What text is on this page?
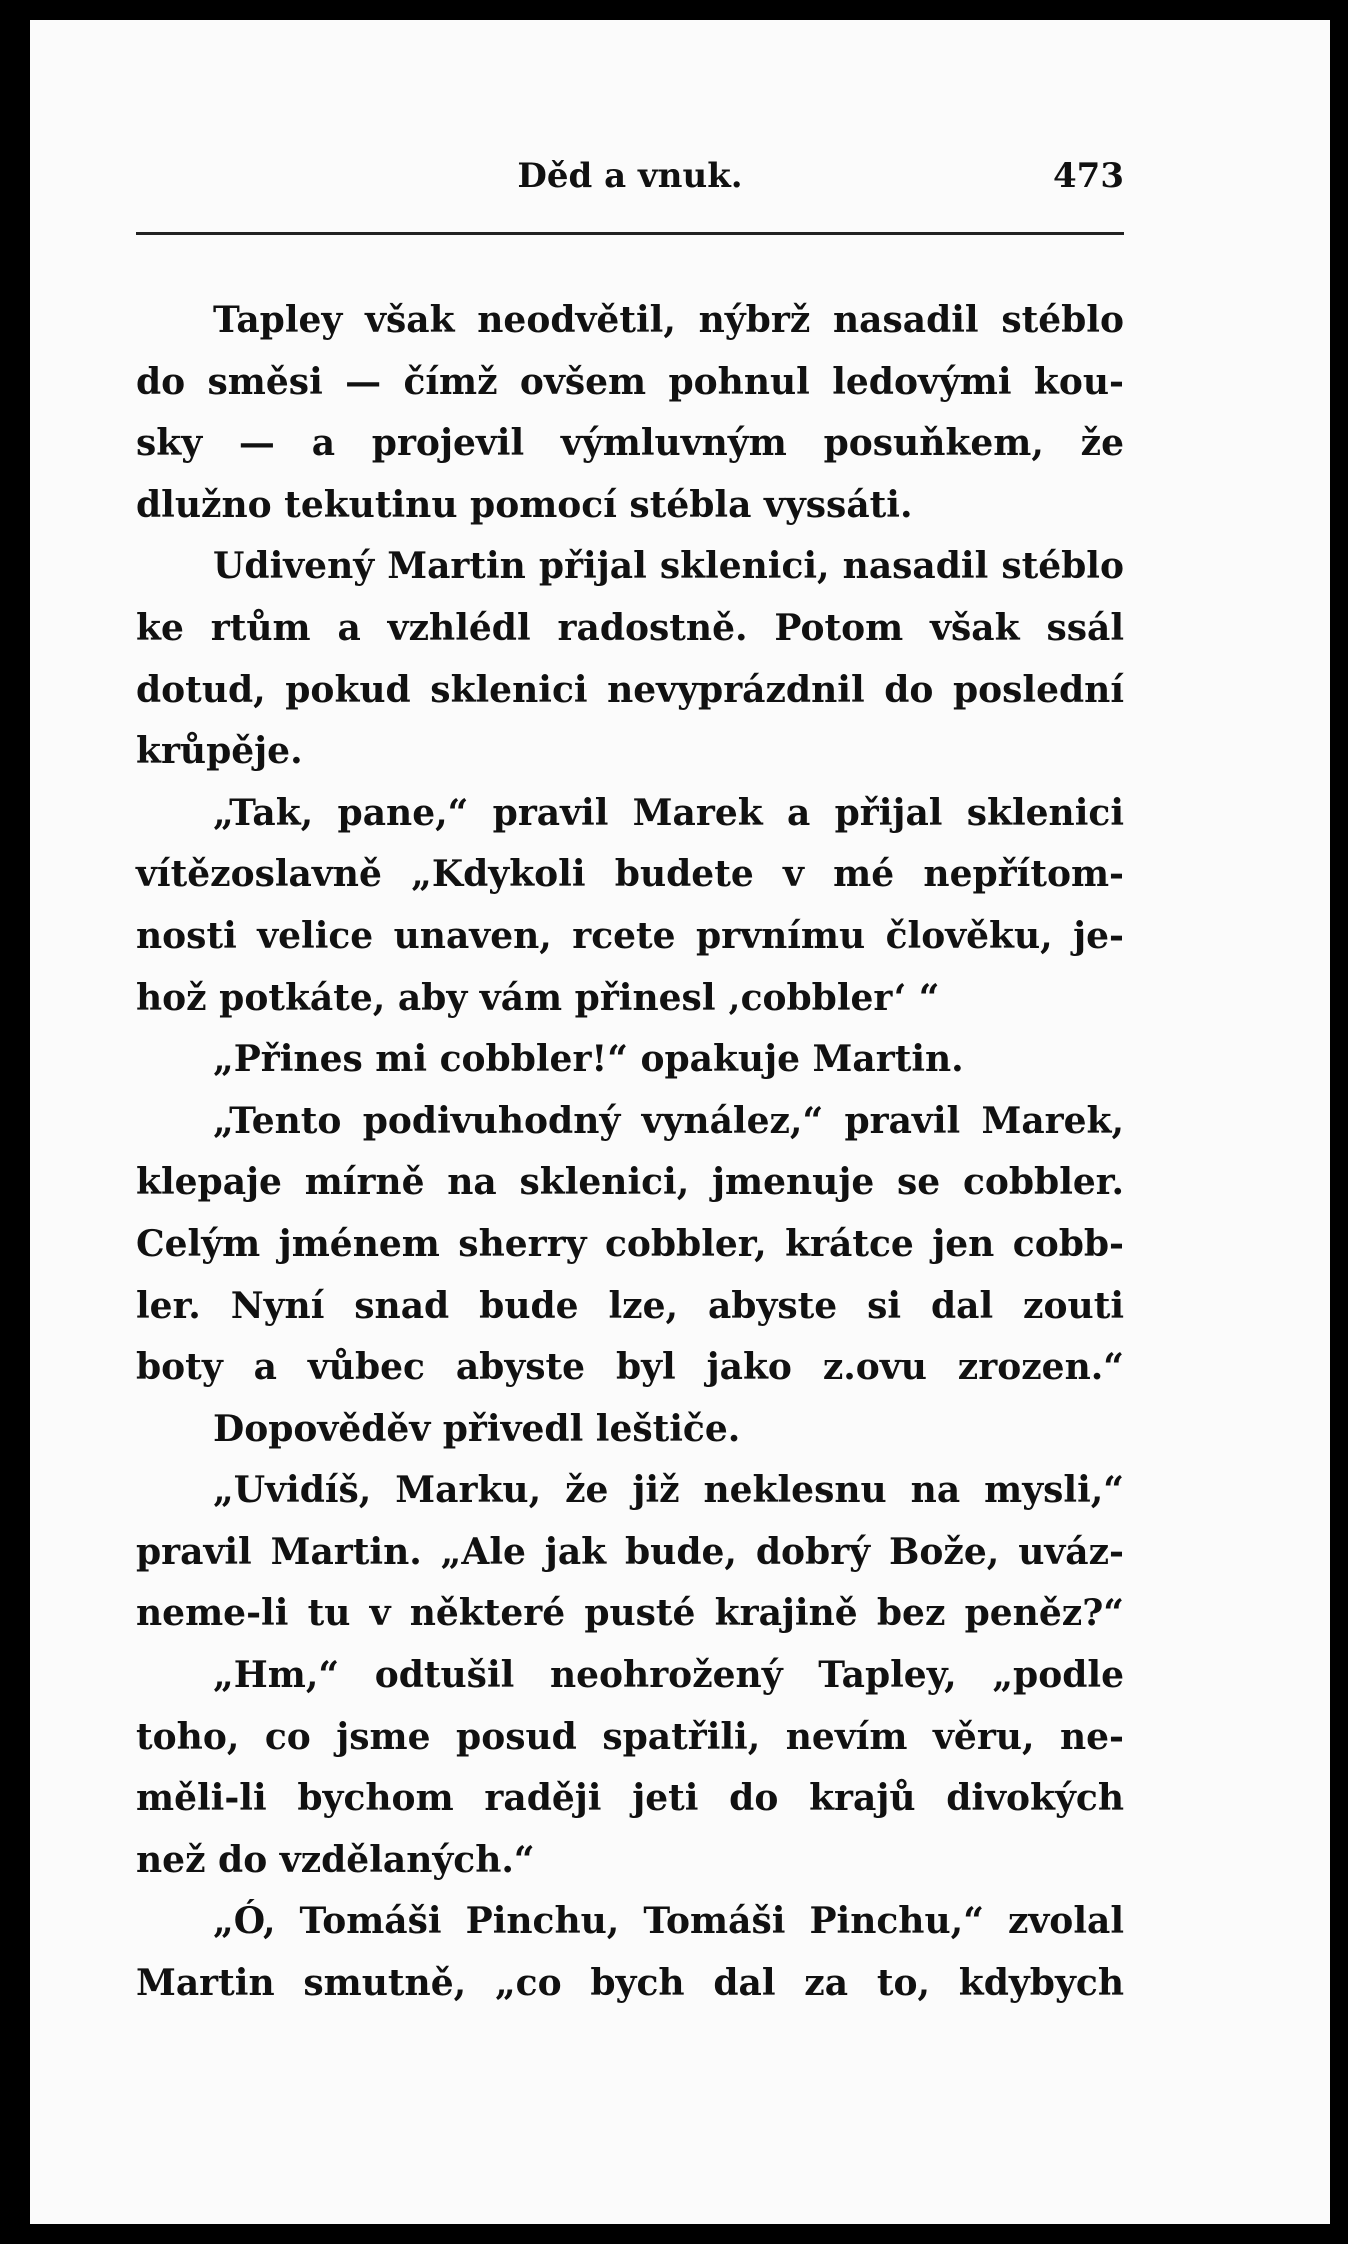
Děd a vnuk.	473
Tapley však neodvětil, nýbrž nasadil stéblo
do směsi — čímž ovšem pohnul ledovými kou-
sky — a projevil výmluvným posuňkem, že
dlužno tekutinu pomocí stébla vyssáti.
Udivený Martin přijal sklenici, nasadil stéblo
ke rtům a vzhlédl radostně. Potom však ssál
dotud, pokud sklenici nevyprázdnil do poslední
krůpěje.
„Tak, pane,“ pravil Marek a přijal sklenici
vítězoslavně „Kdykoli budete v mé nepřítom-
nosti velice unaven, rcete prvnímu člověku, je-
hož potkáte, aby vám přinesl ‚cobbler‘ “
„Přines mi cobbler!“ opakuje Martin.
„Tento podivuhodný vynález,“ pravil Marek,
klepaje mírně na sklenici, jmenuje se cobbler.
Celým jménem sherry cobbler, krátce jen cobb-
ler. Nyní snad bude lze, abyste si dal zouti
boty a vůbec abyste byl jako z.ovu zrozen.“
Dopověděv přivedl leštiče.
„Uvidíš, Marku, že již neklesnu na mysli,“
pravil Martin. „Ale jak bude, dobrý Bože, uváz-
neme-li tu v některé pusté krajině bez peněz?“
„Hm,“ odtušil neohrožený Tapley, „podle
toho, co jsme posud spatřili, nevím věru, ne-
měli-li bychom raději jeti do krajů divokých
než do vzdělaných.“
„Ó, Tomáši Pinchu, Tomáši Pinchu,“ zvolal
Martin smutně, „co bych dal za to, kdybych
